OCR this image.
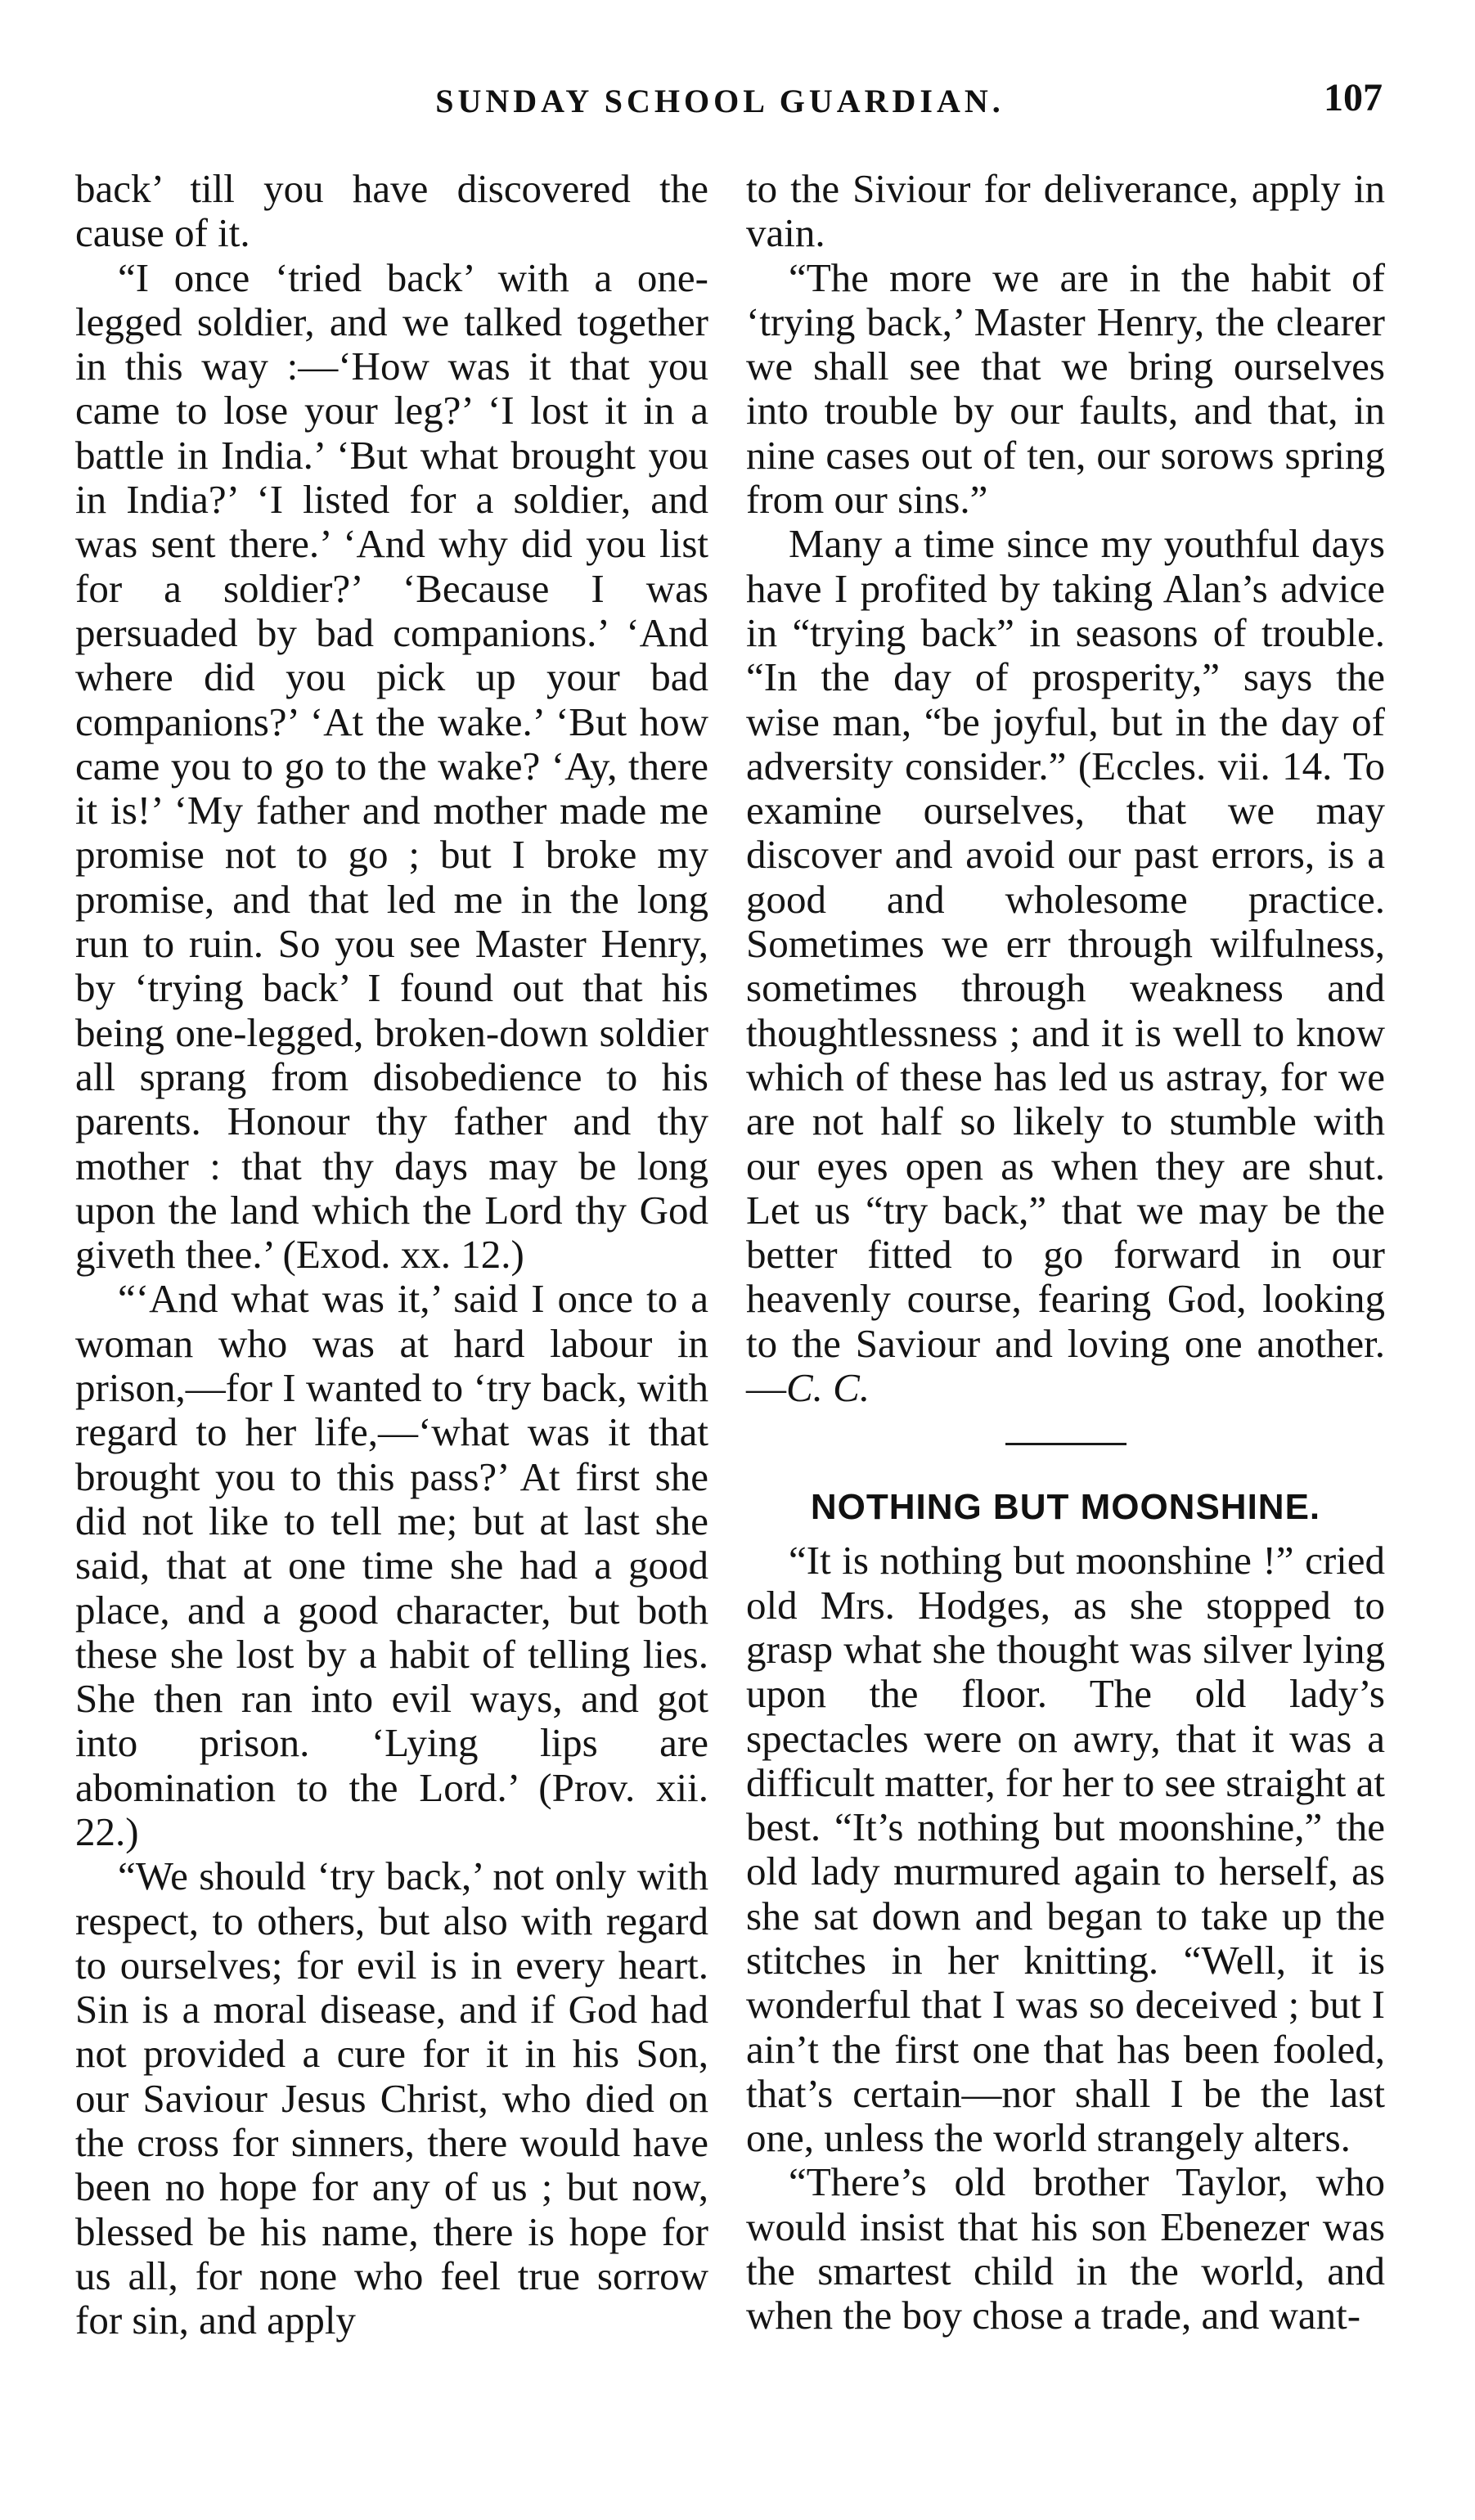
SUNDAY SCHOOL GUARDIAN.	107

back’ till you have discovered the cause of it.

“I once ‘tried back’ with a one-legged soldier, and we talked together in this way :—‘How was it that you came to lose your leg?’ ‘I lost it in a battle in India.’ ‘But what brought you in India?’ ‘I listed for a soldier, and was sent there.’ ‘And why did you list for a soldier?’ ‘Because I was persuaded by bad companions.’ ‘And where did you pick up your bad companions?’ ‘At the wake.’ ‘But how came you to go to the wake? ‘Ay, there it is!’ ‘My father and mother made me promise not to go ; but I broke my promise, and that led me in the long run to ruin. So you see Master Henry, by ‘trying back’ I found out that his being one-legged, broken-down soldier all sprang from disobedience to his parents. Honour thy father and thy mother : that thy days may be long upon the land which the Lord thy God giveth thee.’ (Exod. xx. 12.)

“‘And what was it,’ said I once to a woman who was at hard labour in prison,—for I wanted to ‘try back, with regard to her life,—‘what was it that brought you to this pass?’ At first she did not like to tell me; but at last she said, that at one time she had a good place, and a good character, but both these she lost by a habit of telling lies. She then ran into evil ways, and got into prison. ‘Lying lips are abomination to the Lord.’ (Prov. xii. 22.)

“We should ‘try back,’ not only with respect, to others, but also with regard to ourselves; for evil is in every heart. Sin is a moral disease, and if God had not provided a cure for it in his Son, our Saviour Jesus Christ, who died on the cross for sinners, there would have been no hope for any of us ; but now, blessed be his name, there is hope for us all, for none who feel true sorrow for sin, and apply

to the Siviour for deliverance, apply in vain.

“The more we are in the habit of ‘trying back,’ Master Henry, the clearer we shall see that we bring ourselves into trouble by our faults, and that, in nine cases out of ten, our sorows spring from our sins.”

Many a time since my youthful days have I profited by taking Alan’s advice in “trying back” in seasons of trouble. “In the day of prosperity,” says the wise man, “be joyful, but in the day of adversity consider.” (Eccles. vii. 14. To examine ourselves, that we may discover and avoid our past errors, is a good and wholesome practice. Sometimes we err through wilfulness, sometimes through weakness and thoughtlessness ; and it is well to know which of these has led us astray, for we are not half so likely to stumble with our eyes open as when they are shut. Let us “try back,” that we may be the better fitted to go forward in our heavenly course, fearing God, looking to the Saviour and loving one another.—C. C.

NOTHING BUT MOONSHINE.

“It is nothing but moonshine !” cried old Mrs. Hodges, as she stopped to grasp what she thought was silver lying upon the floor. The old lady’s spectacles were on awry, that it was a difficult matter, for her to see straight at best. “It’s nothing but moonshine,” the old lady murmured again to herself, as she sat down and began to take up the stitches in her knitting. “Well, it is wonderful that I was so deceived ; but I ain’t the first one that has been fooled, that’s certain—nor shall I be the last one, unless the world strangely alters.

“There’s old brother Taylor, who would insist that his son Ebenezer was the smartest child in the world, and when the boy chose a trade, and want-
